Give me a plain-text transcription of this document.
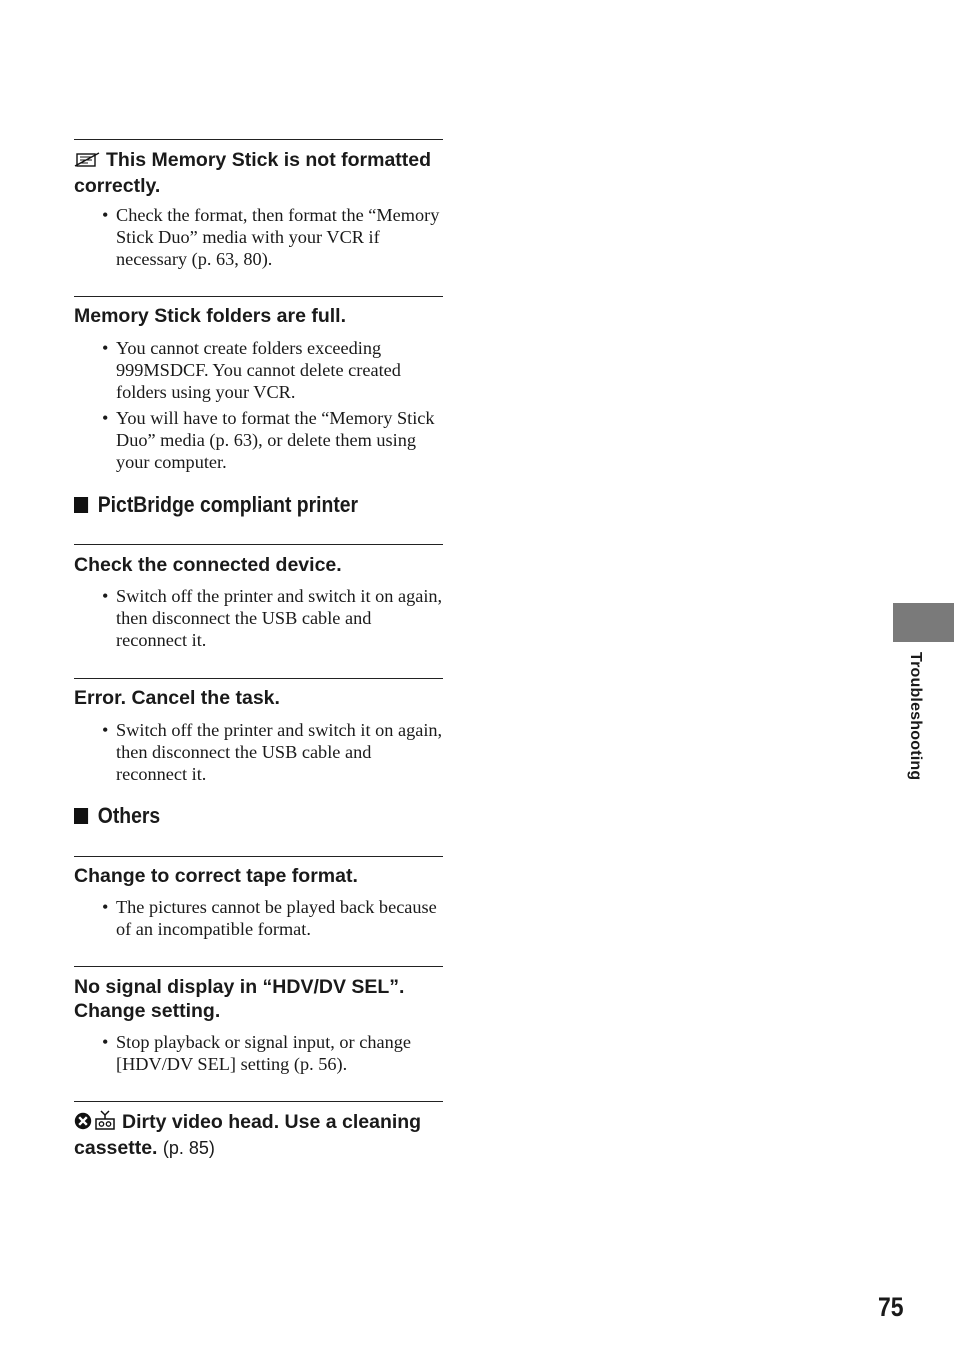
This Memory Stick is not formatted correctly.
• Check the format, then format the “Memory Stick Duo” media with your VCR if necessary (p. 63, 80).
Memory Stick folders are full.
• You cannot create folders exceeding 999MSDCF. You cannot delete created folders using your VCR.
• You will have to format the “Memory Stick Duo” media (p. 63), or delete them using your computer.
PictBridge compliant printer
Check the connected device.
• Switch off the printer and switch it on again, then disconnect the USB cable and reconnect it.
Error. Cancel the task.
• Switch off the printer and switch it on again, then disconnect the USB cable and reconnect it.
Others
Change to correct tape format.
• The pictures cannot be played back because of an incompatible format.
No signal display in “HDV/DV SEL”. Change setting.
• Stop playback or signal input, or change [HDV/DV SEL] setting (p. 56).
Dirty video head. Use a cleaning cassette. (p. 85)
Troubleshooting
75
